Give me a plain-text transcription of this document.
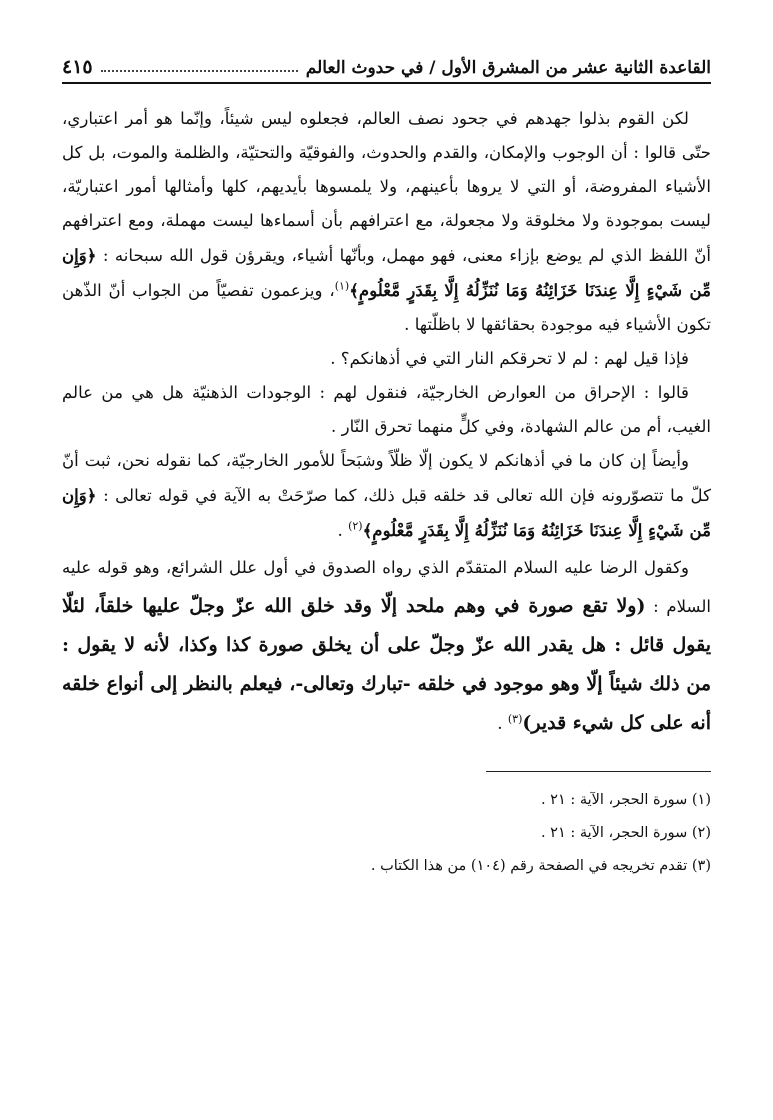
القاعدة الثانية عشر من المشرق الأول / في حدوث العالم
٤١٥

لكن القوم بذلوا جهدهم في جحود نصف العالم، فجعلوه ليس شيئاً، وإنّما هو أمر اعتباري، حتّى قالوا : أن الوجوب والإمكان، والقدم والحدوث، والفوقيّة والتحتيّة، والظلمة والموت، بل كل الأشياء المفروضة، أو التي لا يروها بأعينهم، ولا يلمسوها بأيديهم، كلها وأمثالها أمور اعتباريّة، ليست بموجودة ولا مخلوقة ولا مجعولة، مع اعترافهم بأن أسماءها ليست مهملة، ومع اعترافهم أنّ اللفظ الذي لم يوضع بإزاء معنى، فهو مهمل، وبأنّها أشياء، ويقرؤن قول الله سبحانه : ﴿وَإِن مِّن شَيْءٍ إِلَّا عِندَنَا خَزَائِنُهُ وَمَا نُنَزِّلُهُ إِلَّا بِقَدَرٍ مَّعْلُومٍ﴾$^{(١)}$، ويزعمون تفصيّاً من الجواب أنّ الذّهن تكون الأشياء فيه موجودة بحقائقها لا باظلّتها .

فإذا قيل لهم : لم لا تحرقكم النار التي في أذهانكم؟ .

قالوا : الإحراق من العوارض الخارجيّة، فنقول لهم : الوجودات الذهنيّة هل هي من عالم الغيب، أم من عالم الشهادة، وفي كلٍّ منهما تحرق النّار .

وأيضاً إن كان ما في أذهانكم لا يكون إلّا ظلّاً وشبَحاً للأمور الخارجيّة، كما نقوله نحن، ثبت أنّ كلّ ما تتصوّرونه فإن الله تعالى قد خلقه قبل ذلك، كما صرّحَتْ به الآية في قوله تعالى : ﴿وَإِن مِّن شَيْءٍ إِلَّا عِندَنَا خَزَائِنُهُ وَمَا نُنَزِّلُهُ إِلَّا بِقَدَرٍ مَّعْلُومٍ﴾$^{(٢)}$ .

وكقول الرضا عليه السلام المتقدّم الذي رواه الصدوق في أول علل الشرائع، وهو قوله عليه السلام : (ولا تقع صورة في وهم ملحد إلّا وقد خلق الله عزّ وجلّ عليها خلقاً، لئلّا يقول قائل : هل يقدر الله عزّ وجلّ على أن يخلق صورة كذا وكذا، لأنه لا يقول : من ذلك شيئاً إلّا وهو موجود في خلقه -تبارك وتعالى-، فيعلم بالنظر إلى أنواع خلقه أنه على كل شيء قدير)$^{(٣)}$ .

(١) سورة الحجر، الآية : ٢١ .
(٢) سورة الحجر، الآية : ٢١ .
(٣) تقدم تخريجه في الصفحة رقم (١٠٤) من هذا الكتاب .
